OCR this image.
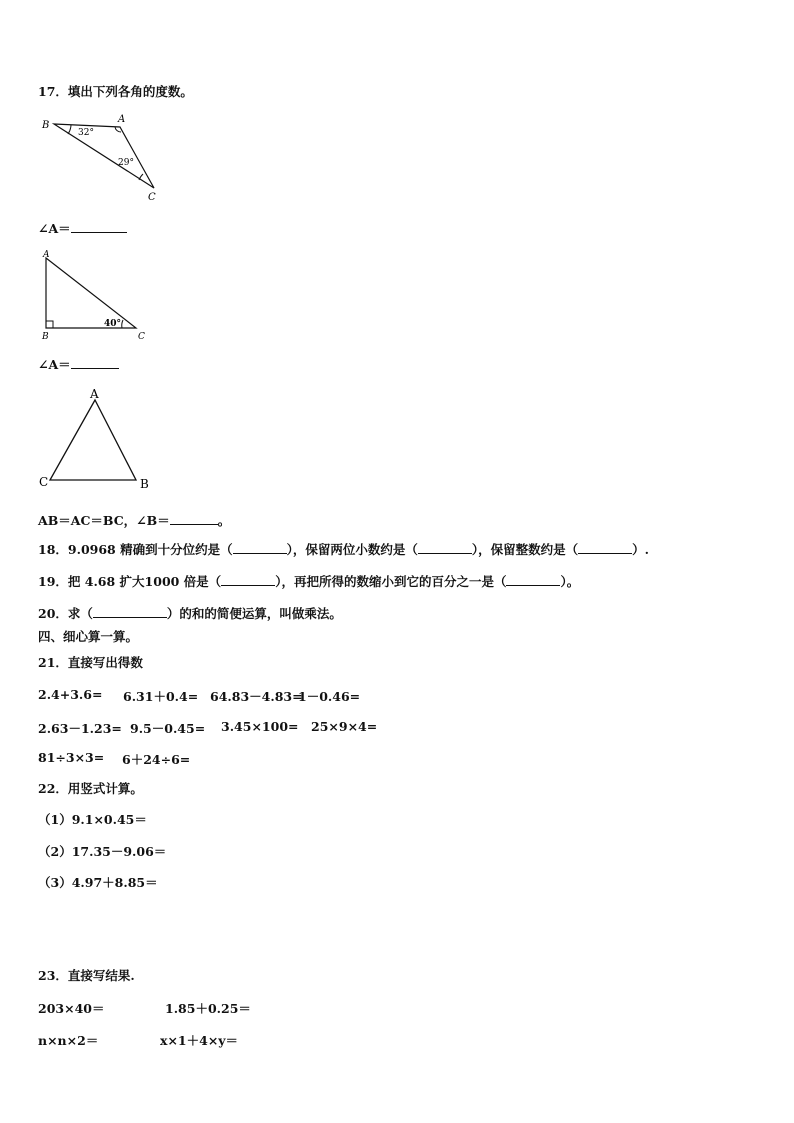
17．填出下列各角的度数。
B
A
C
32°
29°
∠A＝
A
B	C
40°
∠A＝
A
C	B
AB＝AC＝BC，∠B＝	。
18．9.0968 精确到十分位约是（	），保留两位小数约是（	），保留整数约是（	）.
19．把 4.68 扩大1000 倍是（	），再把所得的数缩小到它的百分之一是（	）。
20．求（	）的和的简便运算，叫做乘法。
四、细心算一算。
21．直接写出得数
2.4+3.6= 6.31＋0.4= 64.83－4.83=
1－0.46=
2.63－1.23= 9.5－0.45= 3.45×100= 25×9×4=
81÷3×3= 6＋24÷6=
22．用竖式计算。
（1）9.1×0.45＝
（2）17.35－9.06＝
（3）4.97＋8.85＝
23．直接写结果.
203×40＝	1.85＋0.25＝
n×n×2＝	x×1＋4×y＝
